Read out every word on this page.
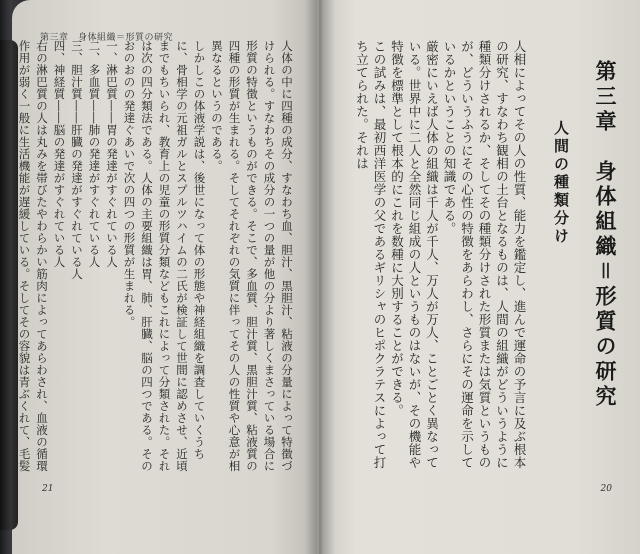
第三章　身体組織＝形質の研究
人体の中に四種の成分、すなわち血、胆汁、黒胆汁、粘液の分量によって特徴づけられる。すなわちその成分の一つの量が他の分より著しくまさっている場合に形質の特徴というものができる。そこで、多血質、胆汁質、黒胆汁質、粘液質の四種の形質が生まれる。そしてそれぞれの気質に伴ってその人の性質や心意が相異なるというのである。
しかしこの体液学説は、後世になって体の形態や神経組織を調査していくうちに、骨相学の元祖ガルとスプルツハイムの二氏が検証して世間に認めさせ、近頃までもちいられ、教育上の児童の形質分類などもこれによって分類された。それは次の四分類法である。人体の主要組織は胃、肺、肝臓、脳の四つである。そのおのおのの発達ぐあいで次の四つの形質が生まれる。
一、淋巴質――胃の発達がすぐれている人
二、多血質――肺の発達がすぐれている人
三、胆汁質――肝臓の発達がすぐれている人
四、神経質――脳の発達がすぐれている人
右の淋巴質の人は丸みを帯びたやわらかい筋肉によってあらわされ、血液の循環作用が弱く一般に生活機能が遅緩している。そしてその容貌は青ぶくれて、毛髪

21
第三章　身体組織＝形質の研究
人間の種類分け
人相によってその人の性質、能力を鑑定し、進んで運命の予言に及ぶ根本の研究、すなわち観相の土台となるものは、人間の組織がどういうように種類分けされるか、そしてその種類分けされた形質または気質というものが、どういうふうにその心性の特徴をあらわし、さらにその運命を示しているかということの知識である。
厳密にいえば人体の組織は千人が千人、万人が万人、ことごとく異なっている。世界中に二人と全然同じ組成の人というものはないが、その機能や特徴を標準として根本的にこれを数種に大別することができる。
この試みは、最初西洋医学の父であるギリシャのヒポクラテスによって打ち立てられた。それは
20
